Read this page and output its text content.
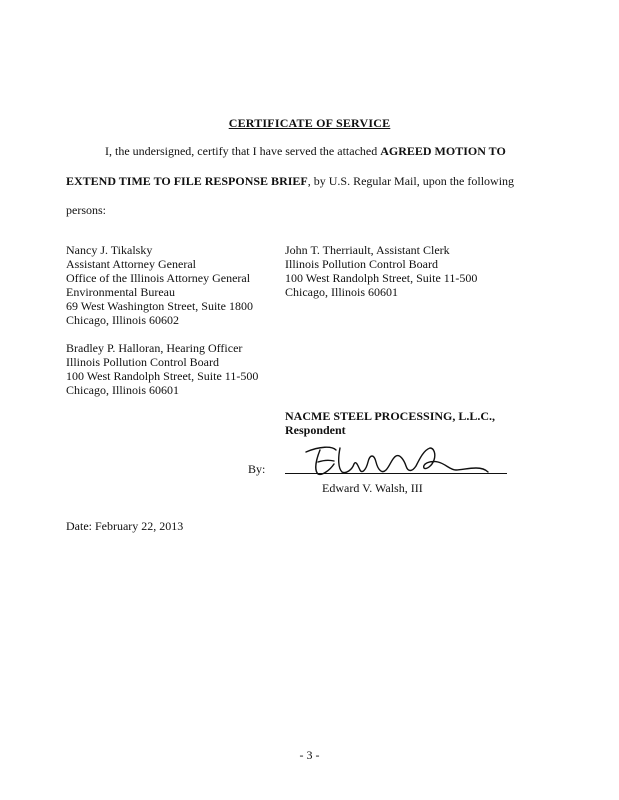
CERTIFICATE OF SERVICE
I, the undersigned, certify that I have served the attached AGREED MOTION TO
EXTEND TIME TO FILE RESPONSE BRIEF, by U.S. Regular Mail, upon the following
persons:
Nancy J. Tikalsky
Assistant Attorney General
Office of the Illinois Attorney General
Environmental Bureau
69 West Washington Street, Suite 1800
Chicago, Illinois 60602
John T. Therriault, Assistant Clerk
Illinois Pollution Control Board
100 West Randolph Street, Suite 11-500
Chicago, Illinois 60601
Bradley P. Halloran, Hearing Officer
Illinois Pollution Control Board
100 West Randolph Street, Suite 11-500
Chicago, Illinois 60601
NACME STEEL PROCESSING, L.L.C.,
Respondent
By:
Edward V. Walsh, III
Date: February 22, 2013
- 3 -
